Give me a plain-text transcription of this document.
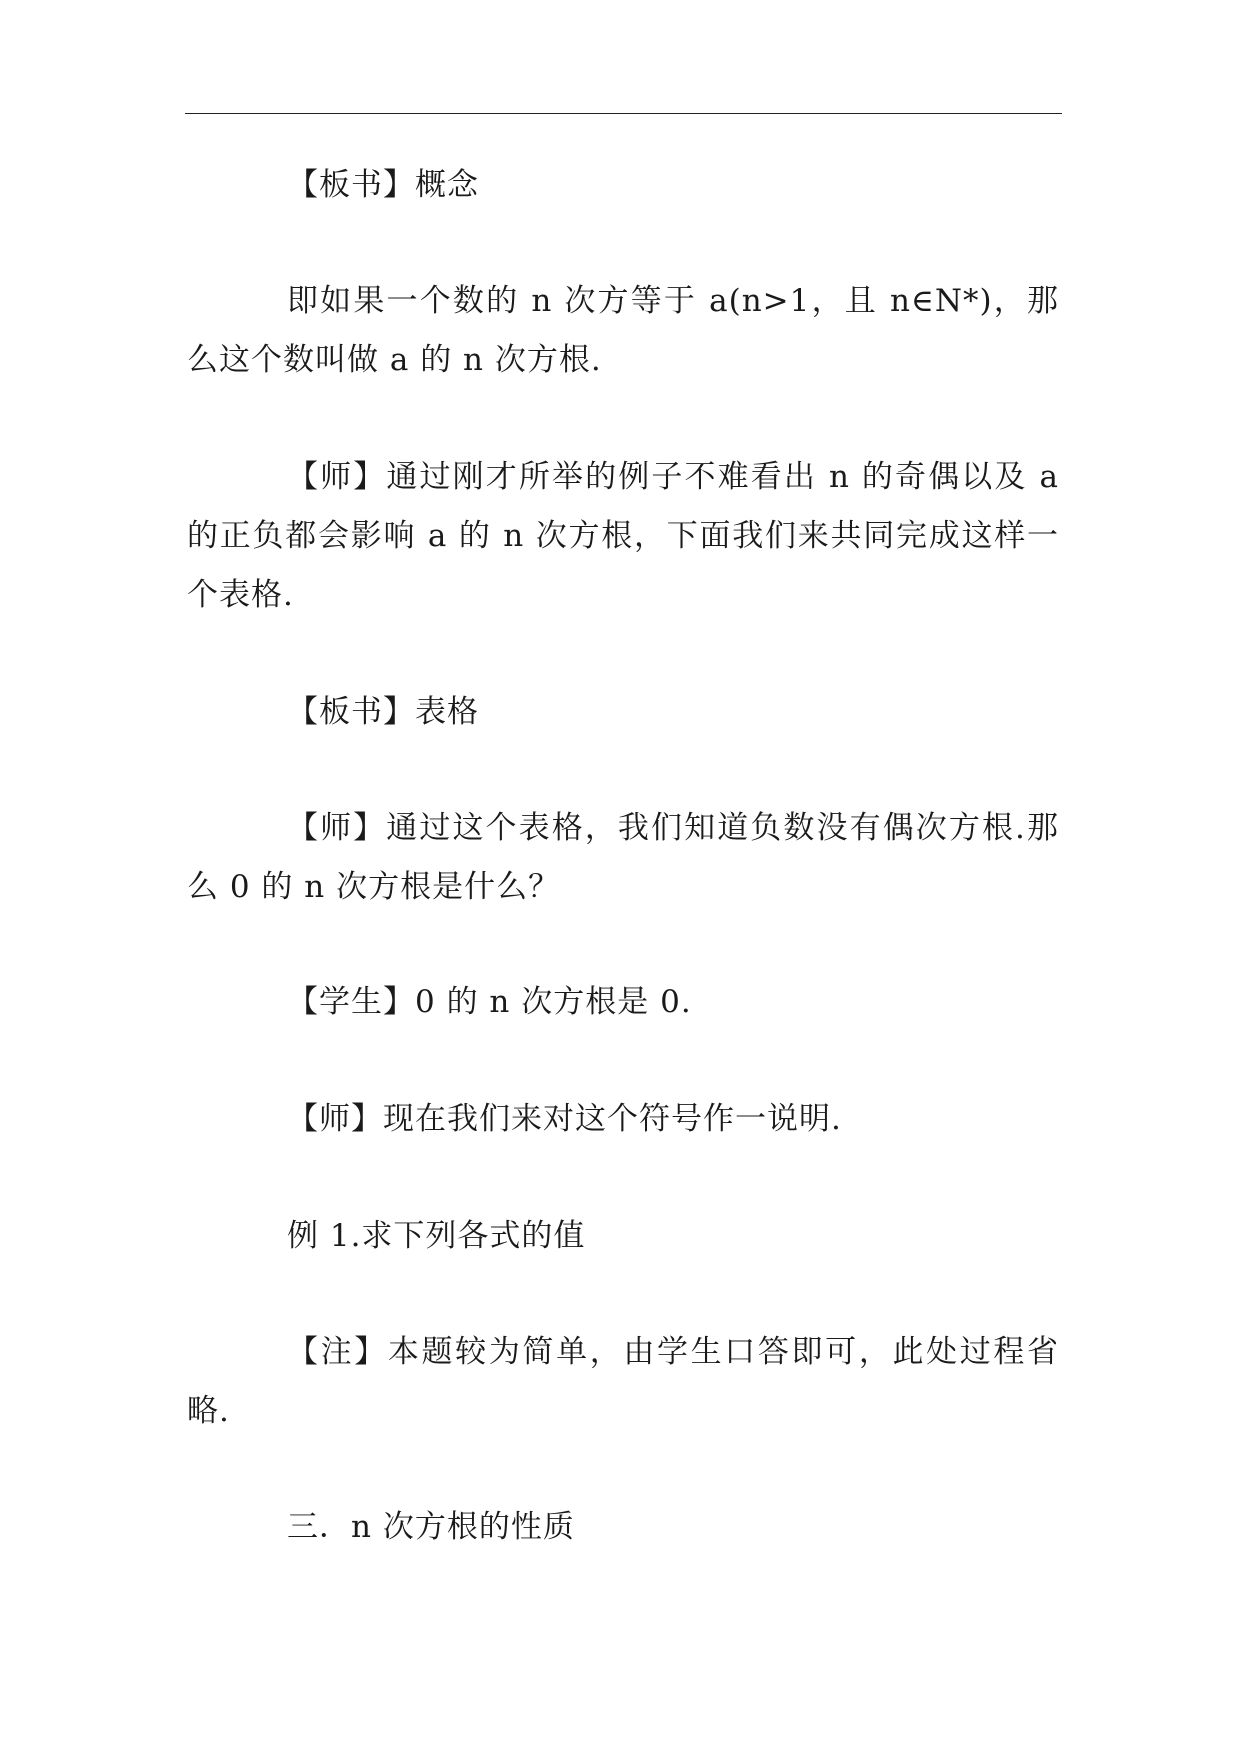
【板书】概念

即如果一个数的 n 次方等于 a(n>1，且 n∈N*)，那么这个数叫做 a 的 n 次方根.

【师】通过刚才所举的例子不难看出 n 的奇偶以及 a 的正负都会影响 a 的 n 次方根，下面我们来共同完成这样一个表格.

【板书】表格

【师】通过这个表格，我们知道负数没有偶次方根.那么 0 的 n 次方根是什么？

【学生】0 的 n 次方根是 0.

【师】现在我们来对这个符号作一说明.

例 1.求下列各式的值

【注】本题较为简单，由学生口答即可，此处过程省略.

三．n 次方根的性质
